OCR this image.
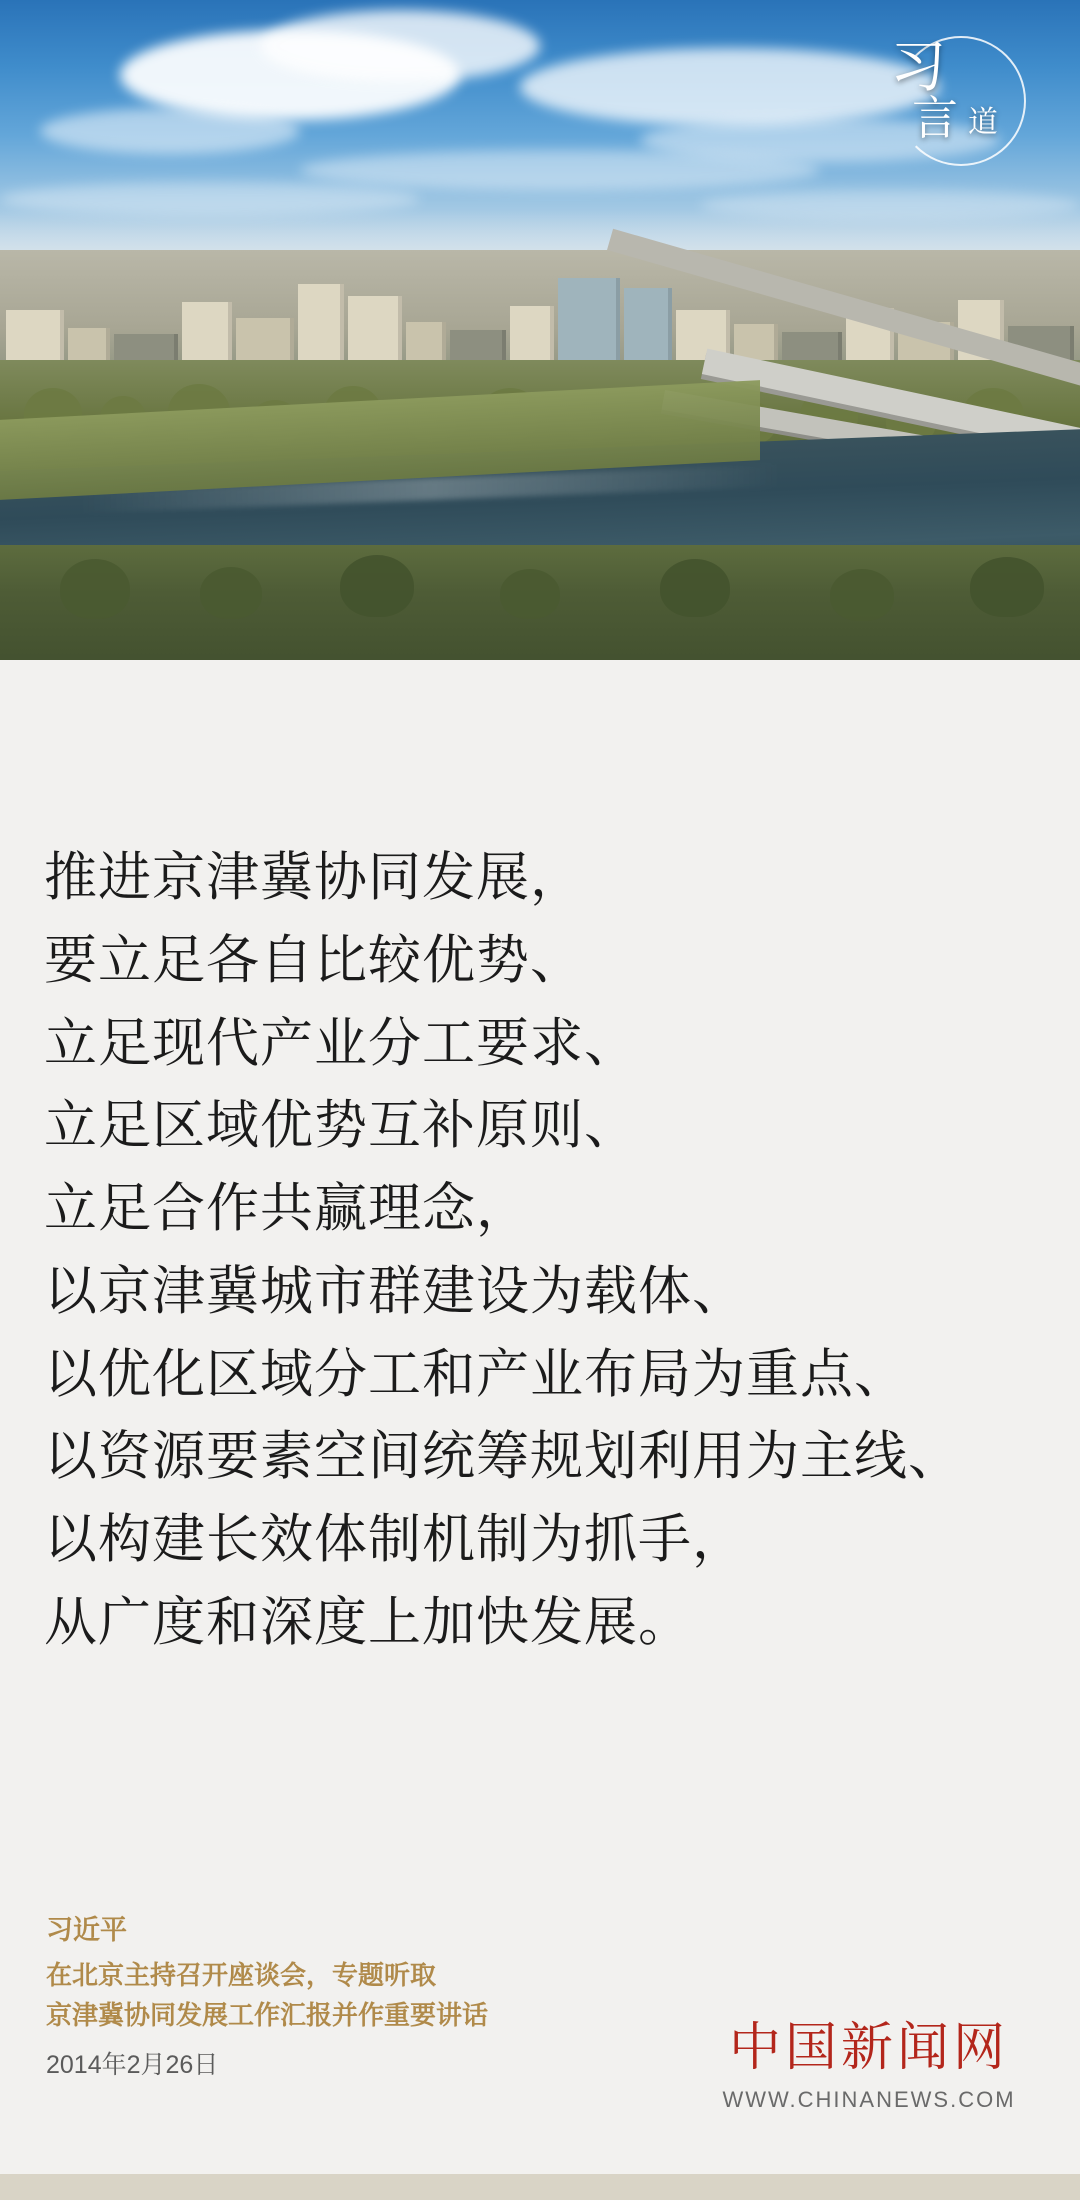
习
言 道

推进京津冀协同发展，

要立足各自比较优势、

立足现代产业分工要求、

立足区域优势互补原则、

立足合作共赢理念，

以京津冀城市群建设为载体、

以优化区域分工和产业布局为重点、

以资源要素空间统筹规划利用为主线、

以构建长效体制机制为抓手，

从广度和深度上加快发展。

习近平
在北京主持召开座谈会，专题听取
京津冀协同发展工作汇报并作重要讲话
2014年2月26日	中国新闻网
WWW.CHINANEWS.COM
